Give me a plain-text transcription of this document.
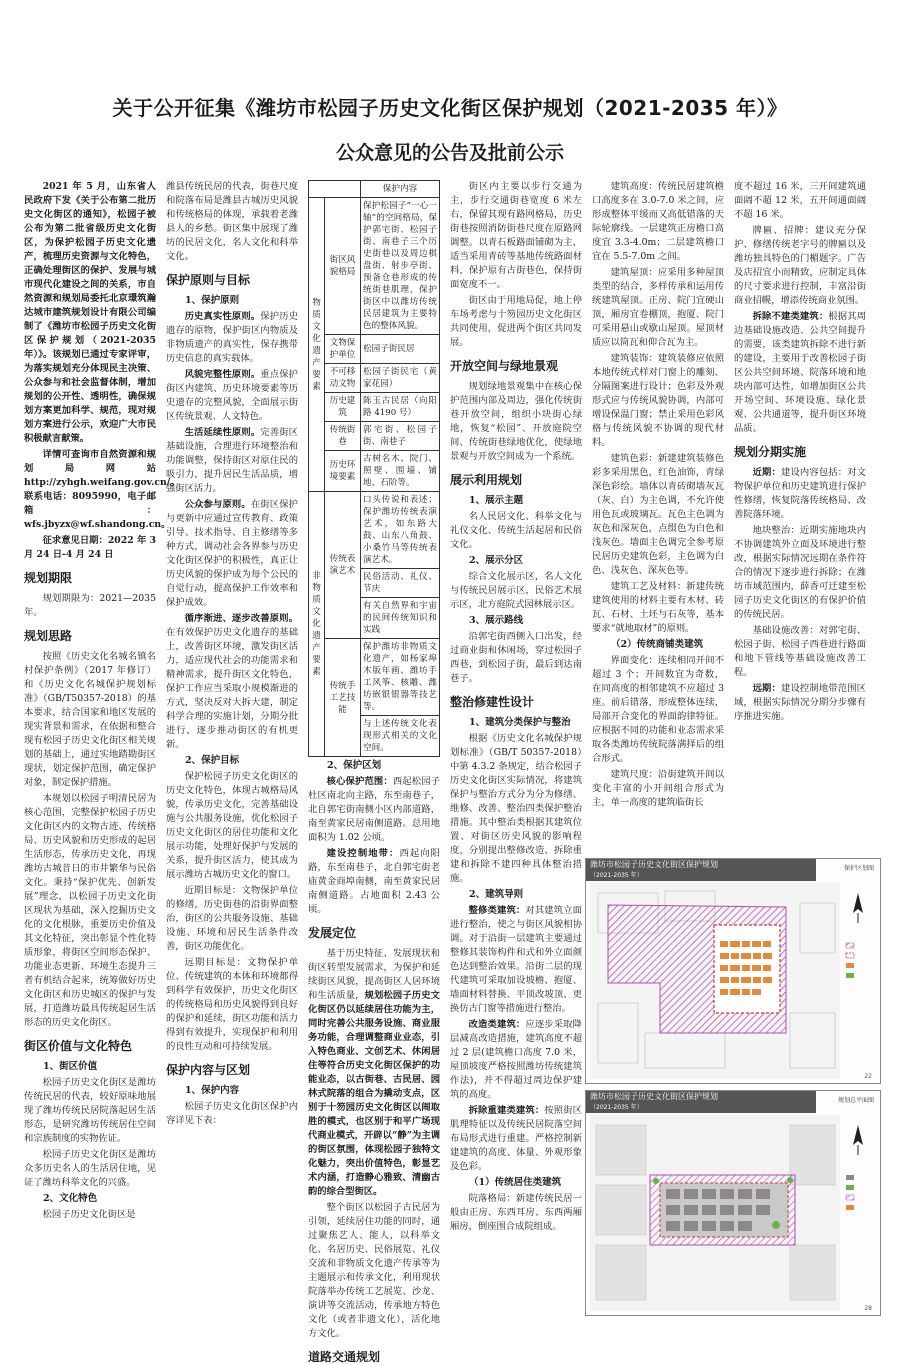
关于公开征集《潍坊市松园子历史文化街区保护规划（2021-2035 年）》
公众意见的公告及批前公示

2021 年 5 月，山东省人民政府下发《关于公布第二批历史文化街区的通知》，松园子被公布为第二批省级历史文化街区，为保护松园子历史文化遗产，梳理历史资源与文化特色，正确处理街区的保护、发展与城市现代化建设之间的关系，市自然资源和规划局委托北京璟筑瀚达城市建筑规划设计有限公司编制了《潍坊市松园子历史文化街区保护规划（2021-2035 年）》。该规划已通过专家评审，为落实规划充分体现民主决策、公众参与和社会监督体制，增加规划的公开性、透明性，确保规划方案更加科学、规范，现对规划方案进行公示，欢迎广大市民积极献言献策。

详情可查询市自然资源和规划局网站 http://zyhgh.weifang.gov.cn/。联系电话：8095990，电子邮箱：wfs.jbyzx@wf.shandong.cn。

征求意见日期：2022 年 3 月 24 日-4 月 24 日

规划期限

规划期限为：2021—2035 年。

规划思路

按照《历史文化名城名镇名村保护条例》（2017 年修订）和《历史文化名城保护规划标准》（GB/T50357-2018）的基本要求，结合国家和地区发展的现实背景和需求，在依据和整合现有松园子历史文化街区相关规划的基础上，通过实地踏勘街区现状，划定保护范围，确定保护对象，制定保护措施。

本规划以松园子明清民居为核心范围，完整保护松园子历史文化街区内的文物古迹、传统格局、历史风貌和历史形成的起居生活形态，传承历史文化，再现潍坊古城昔日的市井繁华与民俗文化。秉持“保护优先、创新发展”理念，以松园子历史文化街区现状为基础，深入挖掘历史文化的文化根脉，重要历史价值及其文化特征，突出彰显个性化特质形象，将街区空间形态保护、功能业态更新、环境生态提升三者有机结合起来，统筹做好历史文化街区和历史城区的保护与发展，打造潍坊最具传统起居生活形态的历史文化街区。

街区价值与文化特色
1、街区价值

松园子历史文化街区是潍坊传统民居的代表，较好原味地展现了潍坊传统民居院落起居生活形态，是研究潍坊传统居住空间和宗族制度的实物佐证。

松园子历史文化街区是潍坊众多历史名人的生活居住地，见证了潍坊科举文化的兴盛。

2、文化特色

松园子历史文化街区是

潍县传统民居的代表，街巷尺度和院落布局是潍县古城历史风貌和传统格局的体现，承载着老潍县人的乡愁。街区集中展现了潍坊的民居文化，名人文化和科举文化。

保护原则与目标
1、保护原则

历史真实性原则。保护历史遗存的原物，保护街区内物质及非物质遗产的真实性，保存携带历史信息的真实载体。

风貌完整性原则。重点保护街区内建筑、历史环境要素等历史遗存的完整风貌，全面展示街区传统景观、人文特色。

生活延续性原则。完善街区基础设施，合理进行环境整治和功能调整，保持街区对原住民的吸引力，提升居民生活品质，增强街区活力。

公众参与原则。在街区保护与更新中应通过宣传教育、政策引导、技术指导、自主修缮等多种方式，调动社会各界参与历史文化街区保护的积极性，真正让历史风貌的保护成为每个公民的自觉行动，提高保护工作效率和保护成效。

循序渐进、逐步改善原则。在有效保护历史文化遗存的基础上，改善街区环境，激发街区活力，适应现代社会的功能需求和精神需求，提升街区文化特色，保护工作应当采取小规模渐进的方式，坚决反对大拆大建，制定科学合理的实施计划，分期分批进行，逐步推动街区的有机更新。

2、保护目标

保护松园子历史文化街区的历史文化特色，体现古城格局风貌，传承历史文化，完善基础设施与公共服务设施，优化松园子历史文化街区的居住功能和文化展示功能，处理好保护与发展的关系，提升街区活力，使其成为展示潍坊古城历史文化的窗口。

近期目标是：文物保护单位的修缮，历史街巷的沿街界面整治，街区的公共服务设施、基础设施、环境和居民生活条件改善，街区功能优化。

远期目标是：文物保护单位、传统建筑的本体和环境都得到科学有效保护，历史文化街区的传统格局和历史风貌得到良好的保护和延续，街区功能和活力得到有效提升，实现保护和利用的良性互动和可持续发展。

保护内容与区划
1、保护内容

松园子历史文化街区保护内容详见下表：

		保护内容
物质文化遗产要素	街区风貌格局	保护松园子“一心一轴”的空间格局，保护郭宅街、松园子街、南巷子三个历史街巷以及周边棋盘街、射步亭街、预备仓巷形成的传统街巷肌理，保护街区中以潍坊传统民居建筑为主要特色的整体风貌。
	文物保护单位	松园子街民居
	不可移动文物	松园子街民宅（黄家花园）
	历史建筑	陈玉古民居（向阳路 4190 号）
	传统街巷	郭宅街、松园子街、南巷子
	历史环境要素	古树名木、院门、照壁、围墙、铺地、石阶等。
非物质文化遗产要素	传统表演艺术	口头传说和表述；保护潍坊传统表演艺术，如东路大鼓、山东八角鼓、小桑竹马等传统表演艺术。
		民俗活动、礼仪、节庆
		有关自然界和宇宙的民间传统知识和实践
	传统手工艺技能	保护潍坊非物质文化遗产，如杨家埠木版年画、潍坊手工风筝、核雕、潍坊嵌银银器等技艺等。
		与上述传统文化表现形式相关的文化空间。
2、保护区划

核心保护范围：西起松园子杜区南北向主路，东至南巷子，北自郭宅街南侧小区内部道路，南至黄家民居南侧道路。总用地面积为 1.02 公顷。

建设控制地带：西起向阳路，东至南巷子，北自郭宅街老庙黄金商埠南侧，南至黄家民居南侧道路。占地面积 2.43 公顷。

发展定位

基于历史特征、发展现状和街区转型发展需求，为保护和延续街区风貌，提高街区人居环境和生活质量，规划松园子历史文化街区仍以延续居住功能为主，同时完善公共服务设施、商业服务功能，合理调整商业业态，引入特色商业、文创艺术、休闲居住等符合历史文化街区保护的功能业态，以古街巷、古民居、园林式院落的组合为撬动支点，区别于十笏园历史文化街区以闹取胜的模式，也区别于和平广场现代商业模式，开辟以“静”为主调的街区氛围，体现松园子独特文化魅力，突出价值特色，彰显艺术内涵，打造静心雅致、清幽古韵的综合型街区。

整个街区以松园子古民居为引领，延续居住功能的同时，通过聚焦艺人、能人，以科举文化、名居历史、民俗展览、礼仪交流和非物质文化遗产传承等为主题展示和传承文化，利用现状院落举办传统工艺展览、沙龙、演讲等交流活动，传承地方特色文化（或者非遗文化），活化地方文化。

道路交通规划

街区内主要以步行交通为主，步行交通街巷宽度 6 米左右，保留其现有路网格局，历史街巷按照消防街巷尺度在原路网调整。以青石板路面铺砌为主，适当采用青砖等基地传统路面材料，保护原有古街巷色，保持街面宽度不一。

街区由于用地局促，地上停车场考虑与十笏园历史文化街区共同使用，促进两个街区共同发展。

开放空间与绿地景观

规划绿地景观集中在核心保护范围内部及周边，强化传统街巷开放空间，组织小块街心绿地，恢复“松园”、开放庭院空间、传统街巷绿地优化，使绿地景观与开放空间成为一个系统。

展示利用规划
1、展示主题

名人民居文化、科举文化与礼仪文化、传统生活起居和民俗文化。

2、展示分区

综合文化展示区，名人文化与传统民居展示区，民俗艺术展示区，北方庭院式园林展示区。

3、展示路线

沿郭宅街西侧入口出发，经过商业街和休闲场，穿过松园子西巷，到松园子街，最后到达南巷子。

整治修建性设计
1、建筑分类保护与整治

根据《历史文化名城保护规划标准》（GB/T 50357-2018）中第 4.3.2 条规定，结合松园子历史文化街区实际情况，将建筑保护与整治方式分为分为修缮、维修、改善、整治四类保护整治措施。其中整治类根据其建筑位置、对街区历史风貌的影响程度，分别提出整修改造、拆除重建和拆除不建四种具体整治措施。

2、建筑导则

整修类建筑：对其建筑立面进行整治，使之与街区风貌相协调。对于沿街一层建筑主要通过整修其装饰构件和式和外立面颜色达到整治效果。沿街二层的现代建筑可采取加设坡檐、抱厦、墙面材料替换、平顶改坡顶、更换仿古门窗等措施进行整治。

改造类建筑：应逐步采取降层减高改造措施，建筑高度不超过 2 层(建筑檐口高度 7.0 米，屋顶坡度严格按照潍坊传统建筑作法)，并不得超过周边保护建筑的高度。

拆除重建类建筑：按照街区肌理特征以及传统民居院落空间布局形式进行重建。严格控制新建建筑的高度、体量、外观形象及色彩。

（1）传统居住类建筑

院落格局：新建传统民居一般由正房、东西耳房、东西两厢厢房，倒座围合成院组成。

建筑高度：传统民居建筑檐口高度多在 3.0-7.0 米之间，应形成整体平缓而又高低错落的天际轮廓线。一层建筑正房檐口高度宜 3.3-4.0m；二层建筑檐口宜在 5.5-7.0m 之间。

建筑屋顶：应采用多种屋顶类型的结合，多样传承和运用传统建筑屋顶。正房、院门宜硬山顶，厢房宜卷棚顶，抱厦、院门可采用悬山或歇山屋顶。屋顶材质应以筒瓦和仰合瓦为主。

建筑装饰：建筑装修应依照本地传统式样对门窗上的雕刻、分隔图案进行设计；色彩及外观形式应与传统风貌协调，内部可增设保温门窗；禁止采用色彩风格与传统风貌不协调的现代材料。

建筑色彩：新建建筑装修色彩多采用黑色，红色油饰，青绿深色彩绘。墙体以青砖砌墙灰瓦（灰、白）为主色调，不允许使用色瓦或玻璃瓦。瓦色主色调为灰色和深灰色，点缀色为白色和浅灰色。墙面主色调完全参考原民居历史建筑色彩，主色调为白色、浅灰色、深灰色等。

建筑工艺及材料：新建传统建筑使用的材料主要有木材、砖瓦、石材、土坯与石灰等，基本要求“就地取材”的原则。

（2）传统商铺类建筑

界面变化：连续相同开间不超过 3 个；开间数宜为奇数，在同高度的相邻建筑不应超过 3 座。前后错落，形成整体连续，局部开合变化的界面韵律特征。应根据不同的功能和业态需求采取各类潍坊传统院落满择后的组合形式。

建筑尺度：沿街建筑开间以变化丰富的小开间组合形式为主，单一高度的建筑临街长

度不超过 16 米，三开间建筑通面阔不超 12 米，五开间通面阔不超 16 米。

牌匾、招牌：建议充分保护、修缮传统老字号的牌匾以及潍坊独具特色的门楣题字。广告及店招宜小而精致，应制定具体的尺寸要求进行控制，丰富沿街商业招幌，增添传统商业氛围。

拆除不建类建筑：根据其周边基础设施改造、公共空间提升的需要，该类建筑拆除不进行新的建设，主要用于改善松园子街区公共空间环境、院落环境和地块内部可达性，如增加街区公共开场空间、环境设施、绿化景观、公共通道等，提升街区环境品质。

规划分期实施

近期：建设内容包括：对文物保护单位和历史建筑进行保护性修缮，恢复院落传统格局、改善院落环境。

地块整治：近期实施地块内不协调建筑外立面及环境进行整改，根据实际情况远期在条件符合的情况下逐步进行拆除；在潍坊市域范围内，薛香可迁建至松园子历史文化街区的有保护价值的传统民居。

基础设施改善：对郭宅街、松园子街、松园子西巷进行路面和地下管线等基础设施改善工程。

远期：建设控制地带范围区域，根据实际情况分期分步骤有序推进实施。

潍坊市松园子历史文化街区保护规划
（2021-2035 年）
保护区划图
22
潍坊市松园子历史文化街区保护规划
（2021-2035 年）
规划总平面图
28
